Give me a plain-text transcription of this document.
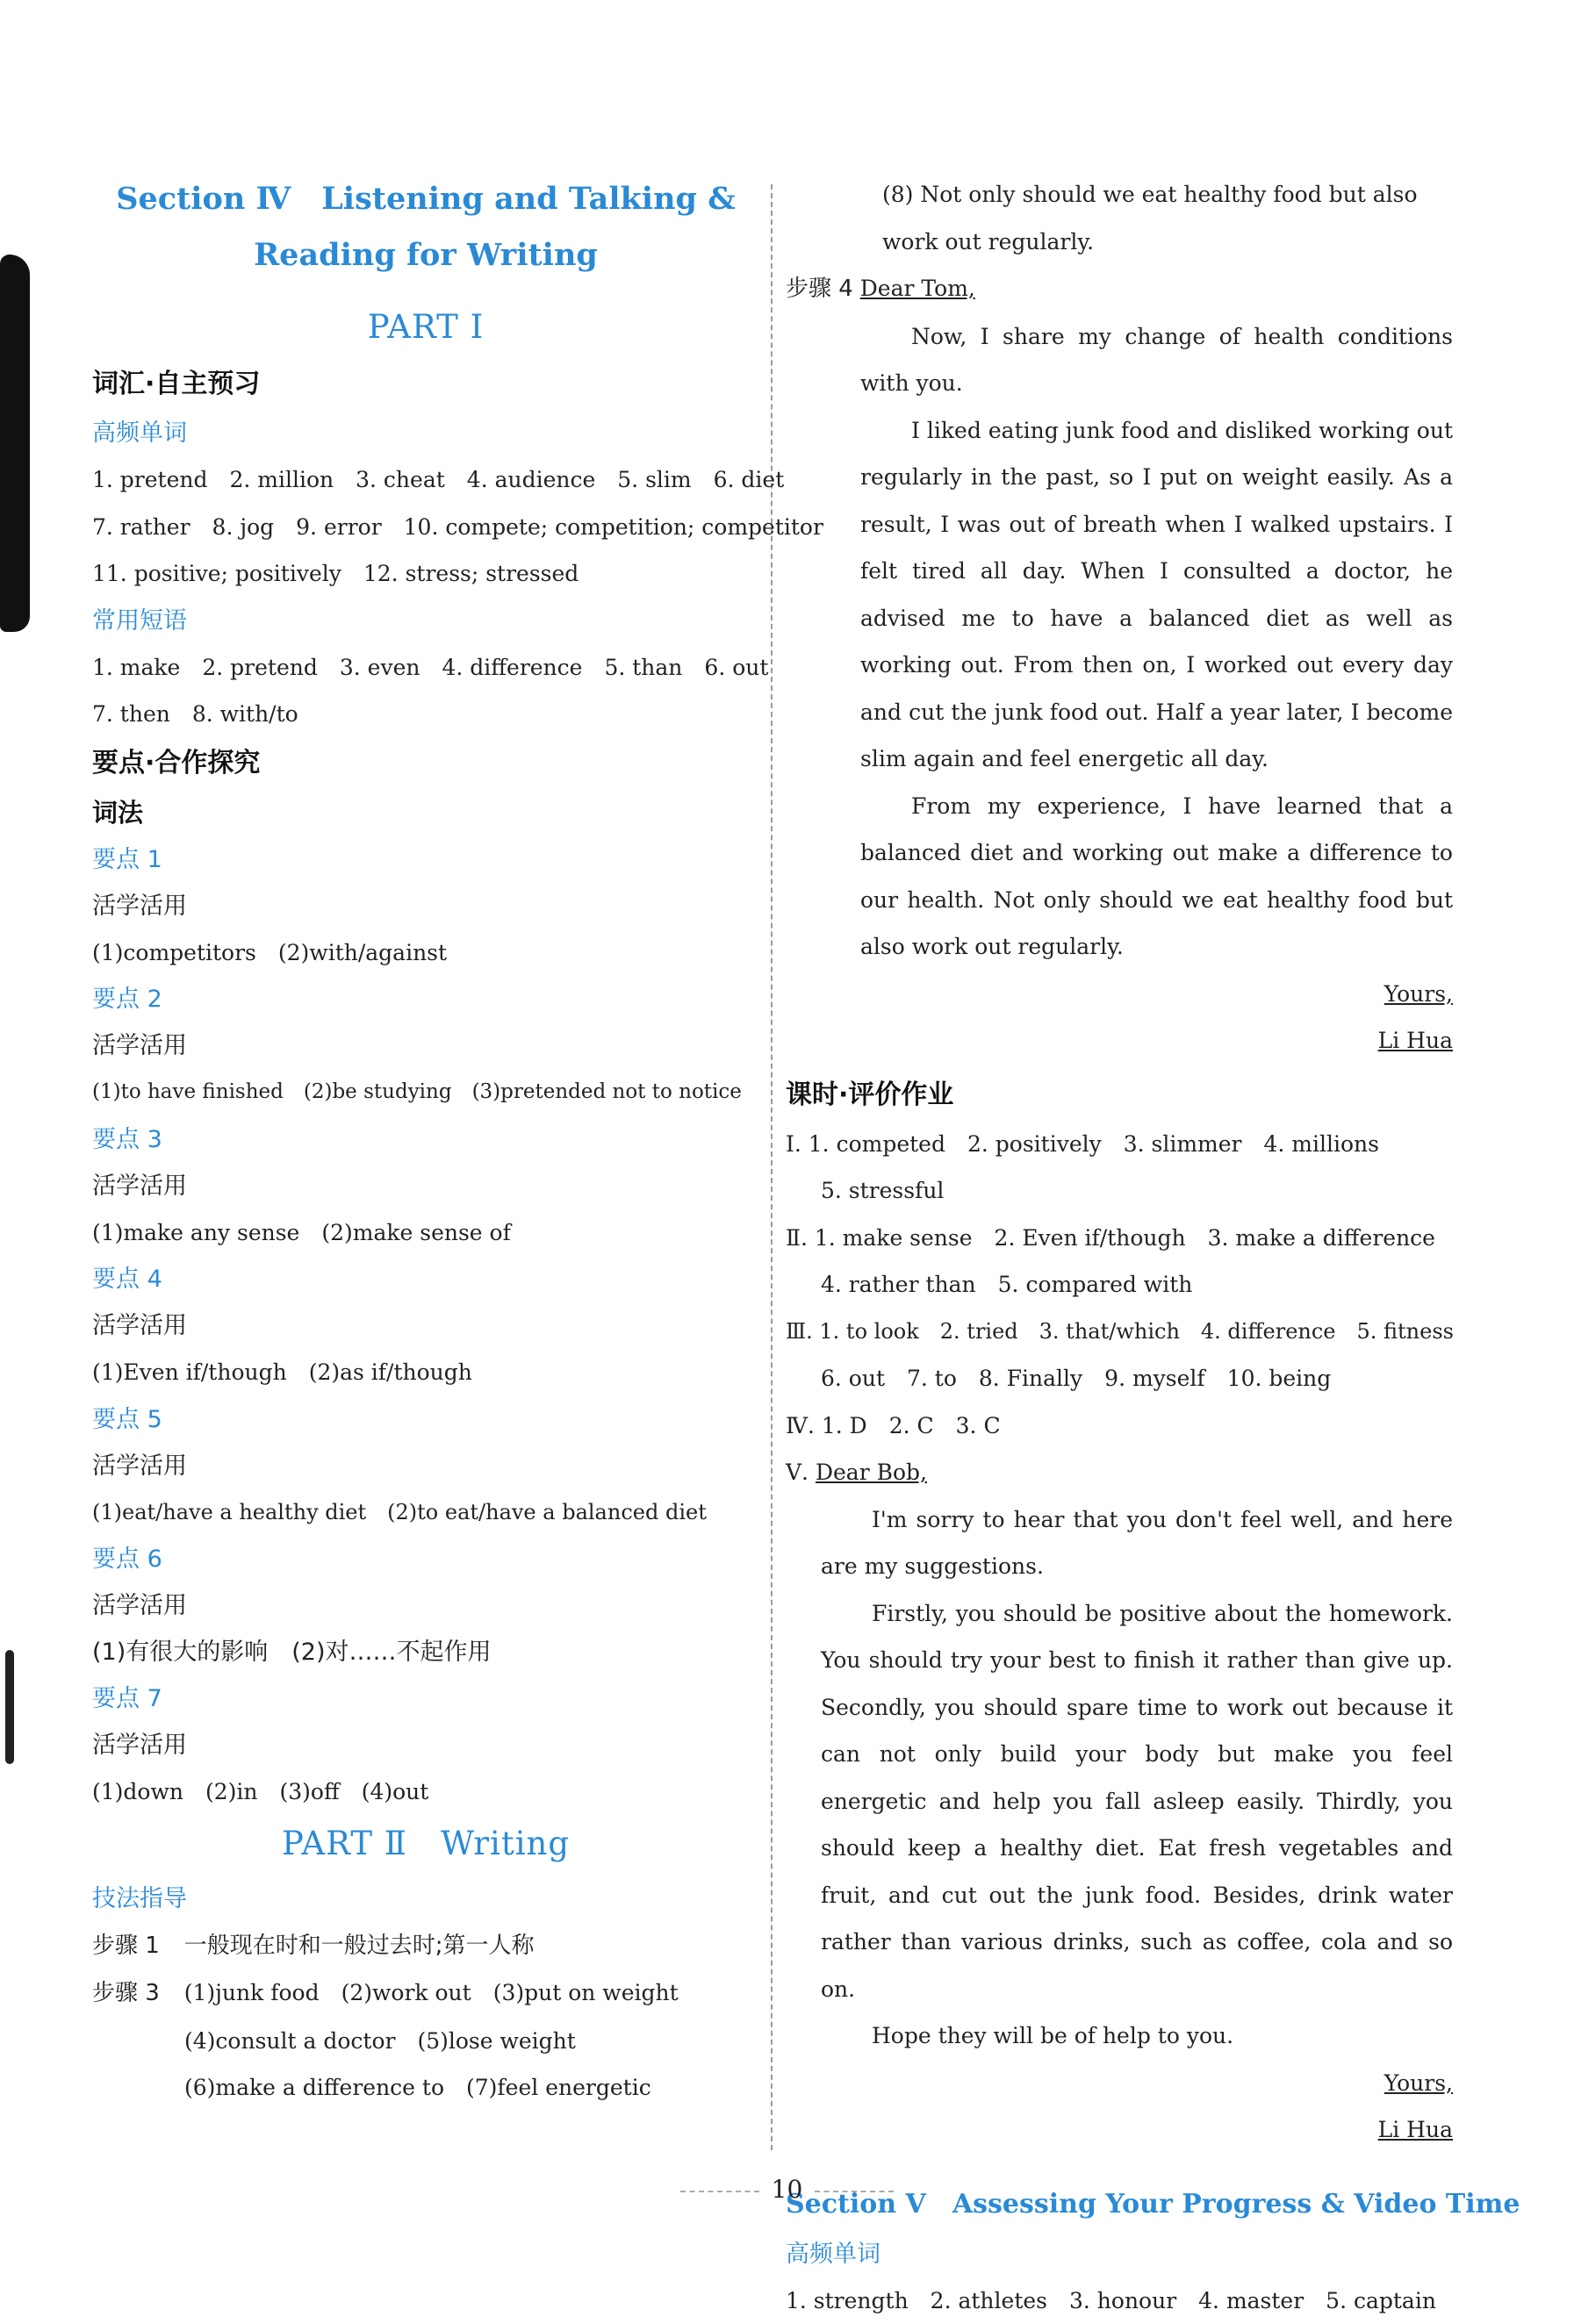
Section Ⅳ　Listening and Talking &
Reading for Writing
PART Ⅰ
词汇·自主预习
高频单词
1. pretend　2. million　3. cheat　4. audience　5. slim　6. diet
7. rather　8. jog　9. error　10. compete; competition; competitor
11. positive; positively　12. stress; stressed
常用短语
1. make　2. pretend　3. even　4. difference　5. than　6. out
7. then　8. with/to
要点·合作探究
词法
要点 1
活学活用
(1)competitors　(2)with/against
要点 2
活学活用
(1)to have finished　(2)be studying　(3)pretended not to notice
要点 3
活学活用
(1)make any sense　(2)make sense of
要点 4
活学活用
(1)Even if/though　(2)as if/though
要点 5
活学活用
(1)eat/have a healthy diet　(2)to eat/have a balanced diet
要点 6
活学活用
(1)有很大的影响　(2)对……不起作用
要点 7
活学活用
(1)down　(2)in　(3)off　(4)out
PART Ⅱ　Writing
技法指导
步骤 1 一般现在时和一般过去时;第一人称
步骤 3 (1)junk food　(2)work out　(3)put on weight
(4)consult a doctor　(5)lose weight
(6)make a difference to　(7)feel energetic
(8) Not only should we eat healthy food but also
work out regularly.
步骤 4 Dear Tom,
Now, I share my change of health conditions with you.
I liked eating junk food and disliked working out regularly in the past, so I put on weight easily. As a result, I was out of breath when I walked upstairs. I felt tired all day. When I consulted a doctor, he advised me to have a balanced diet as well as working out. From then on, I worked out every day and cut the junk food out. Half a year later, I become slim again and feel energetic all day.
From my experience, I have learned that a balanced diet and working out make a difference to our health. Not only should we eat healthy food but also work out regularly.
Yours,
Li Hua
课时·评价作业
Ⅰ. 1. competed　2. positively　3. slimmer　4. millions
5. stressful
Ⅱ. 1. make sense　2. Even if/though　3. make a difference
4. rather than　5. compared with
Ⅲ. 1. to look　2. tried　3. that/which　4. difference　5. fitness
6. out　7. to　8. Finally　9. myself　10. being
Ⅳ. 1. D　2. C　3. C
Ⅴ. Dear Bob,
I'm sorry to hear that you don't feel well, and here are my suggestions.
Firstly, you should be positive about the homework. You should try your best to finish it rather than give up. Secondly, you should spare time to work out because it can not only build your body but make you feel energetic and help you fall asleep easily. Thirdly, you should keep a healthy diet. Eat fresh vegetables and fruit, and cut out the junk food. Besides, drink water rather than various drinks, such as coffee, cola and so on.
Hope they will be of help to you.
Yours,
Li Hua
Section Ⅴ　Assessing Your Progress & Video Time
高频单词
1. strength　2. athletes　3. honour　4. master　5. captain
10
